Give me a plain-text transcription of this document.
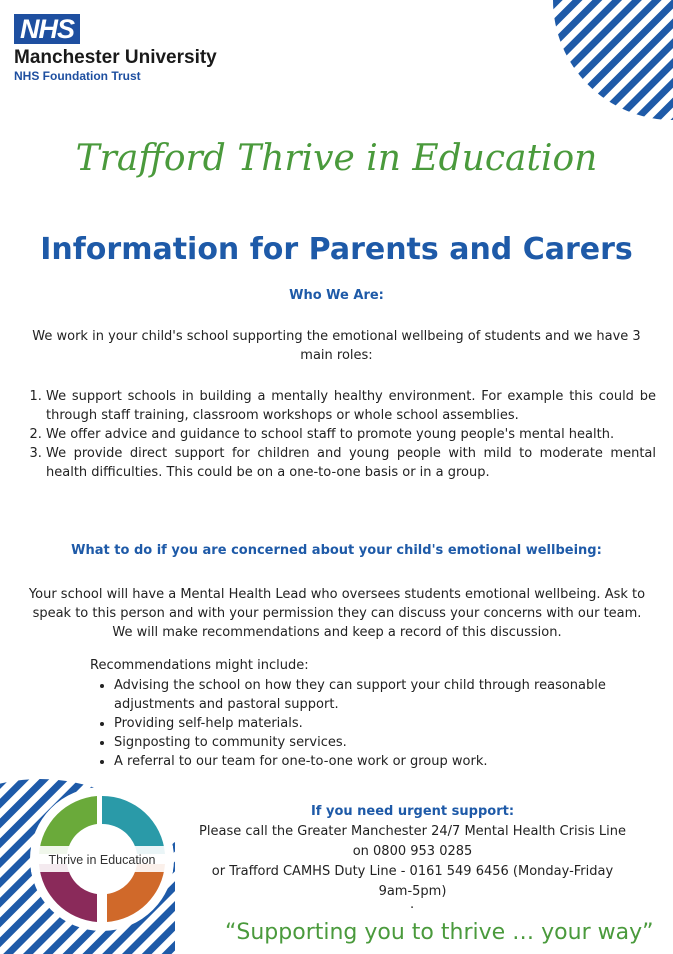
NHS
Manchester University
NHS Foundation Trust
Trafford Thrive in Education
Information for Parents and Carers
Who We Are:
We work in your child's school supporting the emotional wellbeing of students and we have 3 main roles:
1. We support schools in building a mentally healthy environment. For example this could be through staff training, classroom workshops or whole school assemblies.
2. We offer advice and guidance to school staff to promote young people's mental health.
3. We provide direct support for children and young people with mild to moderate mental health difficulties. This could be on a one-to-one basis or in a group.
What to do if you are concerned about your child's emotional wellbeing:
Your school will have a Mental Health Lead who oversees students emotional wellbeing. Ask to speak to this person and with your permission they can discuss your concerns with our team. We will make recommendations and keep a record of this discussion.
Recommendations might include:
• Advising the school on how they can support your child through reasonable adjustments and pastoral support.
• Providing self-help materials.
• Signposting to community services.
• A referral to our team for one-to-one work or group work.
Thrive in Education
If you need urgent support:
Please call the Greater Manchester 24/7 Mental Health Crisis Line on 0800 953 0285
or Trafford CAMHS Duty Line - 0161 549 6456 (Monday-Friday 9am-5pm)
.
“Supporting you to thrive … your way”
